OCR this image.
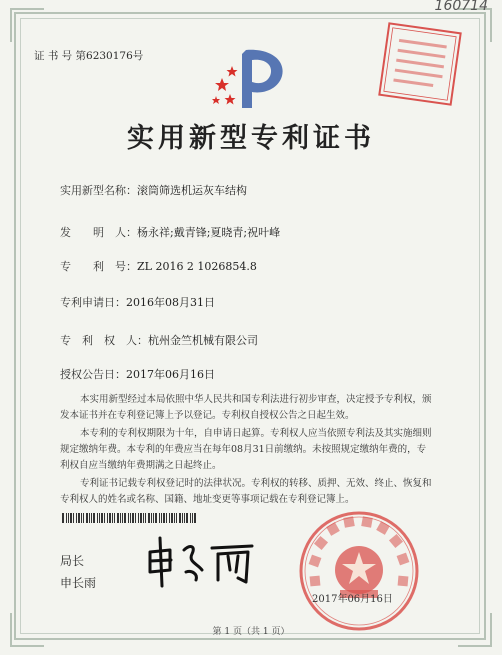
160714
证 书 号 第6230176号
实用新型专利证书
实用新型名称：滚筒筛选机运灰车结构
发　　明　人：杨永祥;戴青锋;夏晓青;祝叶峰
专　　利　号：ZL 2016 2 1026854.8
专利申请日：2016年08月31日
专　利　权　人：杭州金竺机械有限公司
授权公告日：2017年06月16日
本实用新型经过本局依照中华人民共和国专利法进行初步审查，决定授予专利权，颁
发本证书并在专利登记簿上予以登记。专利权自授权公告之日起生效。
本专利的专利权期限为十年，自申请日起算。专利权人应当依照专利法及其实施细则
规定缴纳年费。本专利的年费应当在每年08月31日前缴纳。未按照规定缴纳年费的，专
利权自应当缴纳年费期满之日起终止。
专利证书记载专利权登记时的法律状况。专利权的转移、质押、无效、终止、恢复和
专利权人的姓名或名称、国籍、地址变更等事项记载在专利登记簿上。
局长
申长雨
2017年06月16日
第 1 页（共 1 页）
